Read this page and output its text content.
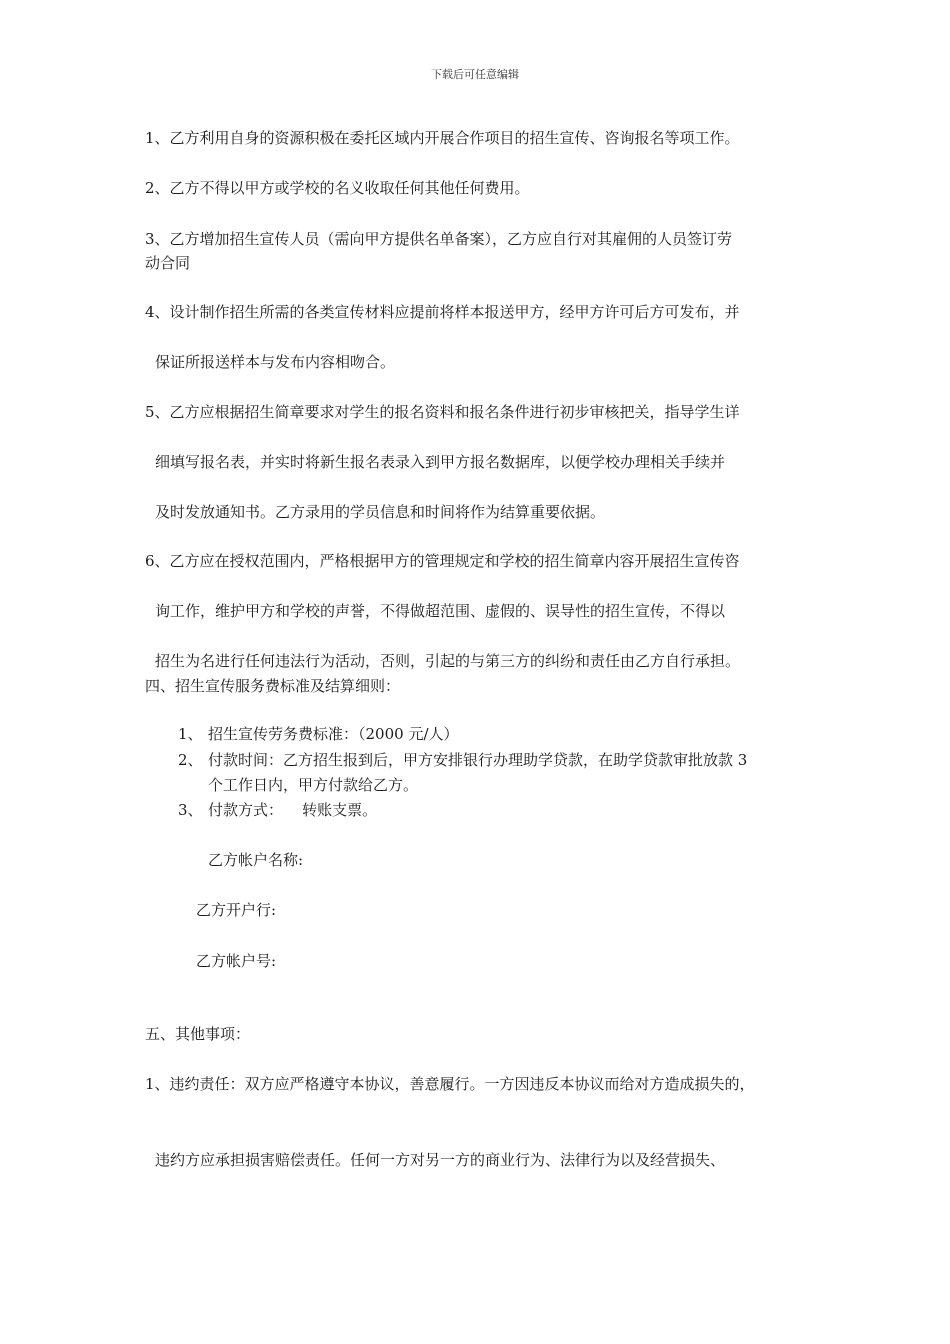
下载后可任意编辑
1、乙方利用自身的资源积极在委托区域内开展合作项目的招生宣传、咨询报名等项工作。
2、乙方不得以甲方或学校的名义收取任何其他任何费用。
3、乙方增加招生宣传人员（需向甲方提供名单备案），乙方应自行对其雇佣的人员签订劳
动合同
4、设计制作招生所需的各类宣传材料应提前将样本报送甲方，经甲方许可后方可发布，并
保证所报送样本与发布内容相吻合。
5、乙方应根据招生简章要求对学生的报名资料和报名条件进行初步审核把关，指导学生详
细填写报名表，并实时将新生报名表录入到甲方报名数据库，以便学校办理相关手续并
及时发放通知书。乙方录用的学员信息和时间将作为结算重要依据。
6、乙方应在授权范围内，严格根据甲方的管理规定和学校的招生简章内容开展招生宣传咨
询工作，维护甲方和学校的声誉，不得做超范围、虚假的、误导性的招生宣传，不得以
招生为名进行任何违法行为活动，否则，引起的与第三方的纠纷和责任由乙方自行承担。
四、招生宣传服务费标准及结算细则：
1、 招生宣传劳务费标准：（2000 元/人）
2、 付款时间：乙方招生报到后，甲方安排银行办理助学贷款，在助学贷款审批放款 3
个工作日内，甲方付款给乙方。
3、 付款方式：    转账支票。
乙方帐户名称:
乙方开户行:
乙方帐户号:
五、其他事项：
1、违约责任：双方应严格遵守本协议，善意履行。一方因违反本协议而给对方造成损失的，
违约方应承担损害赔偿责任。任何一方对另一方的商业行为、法律行为以及经营损失、
